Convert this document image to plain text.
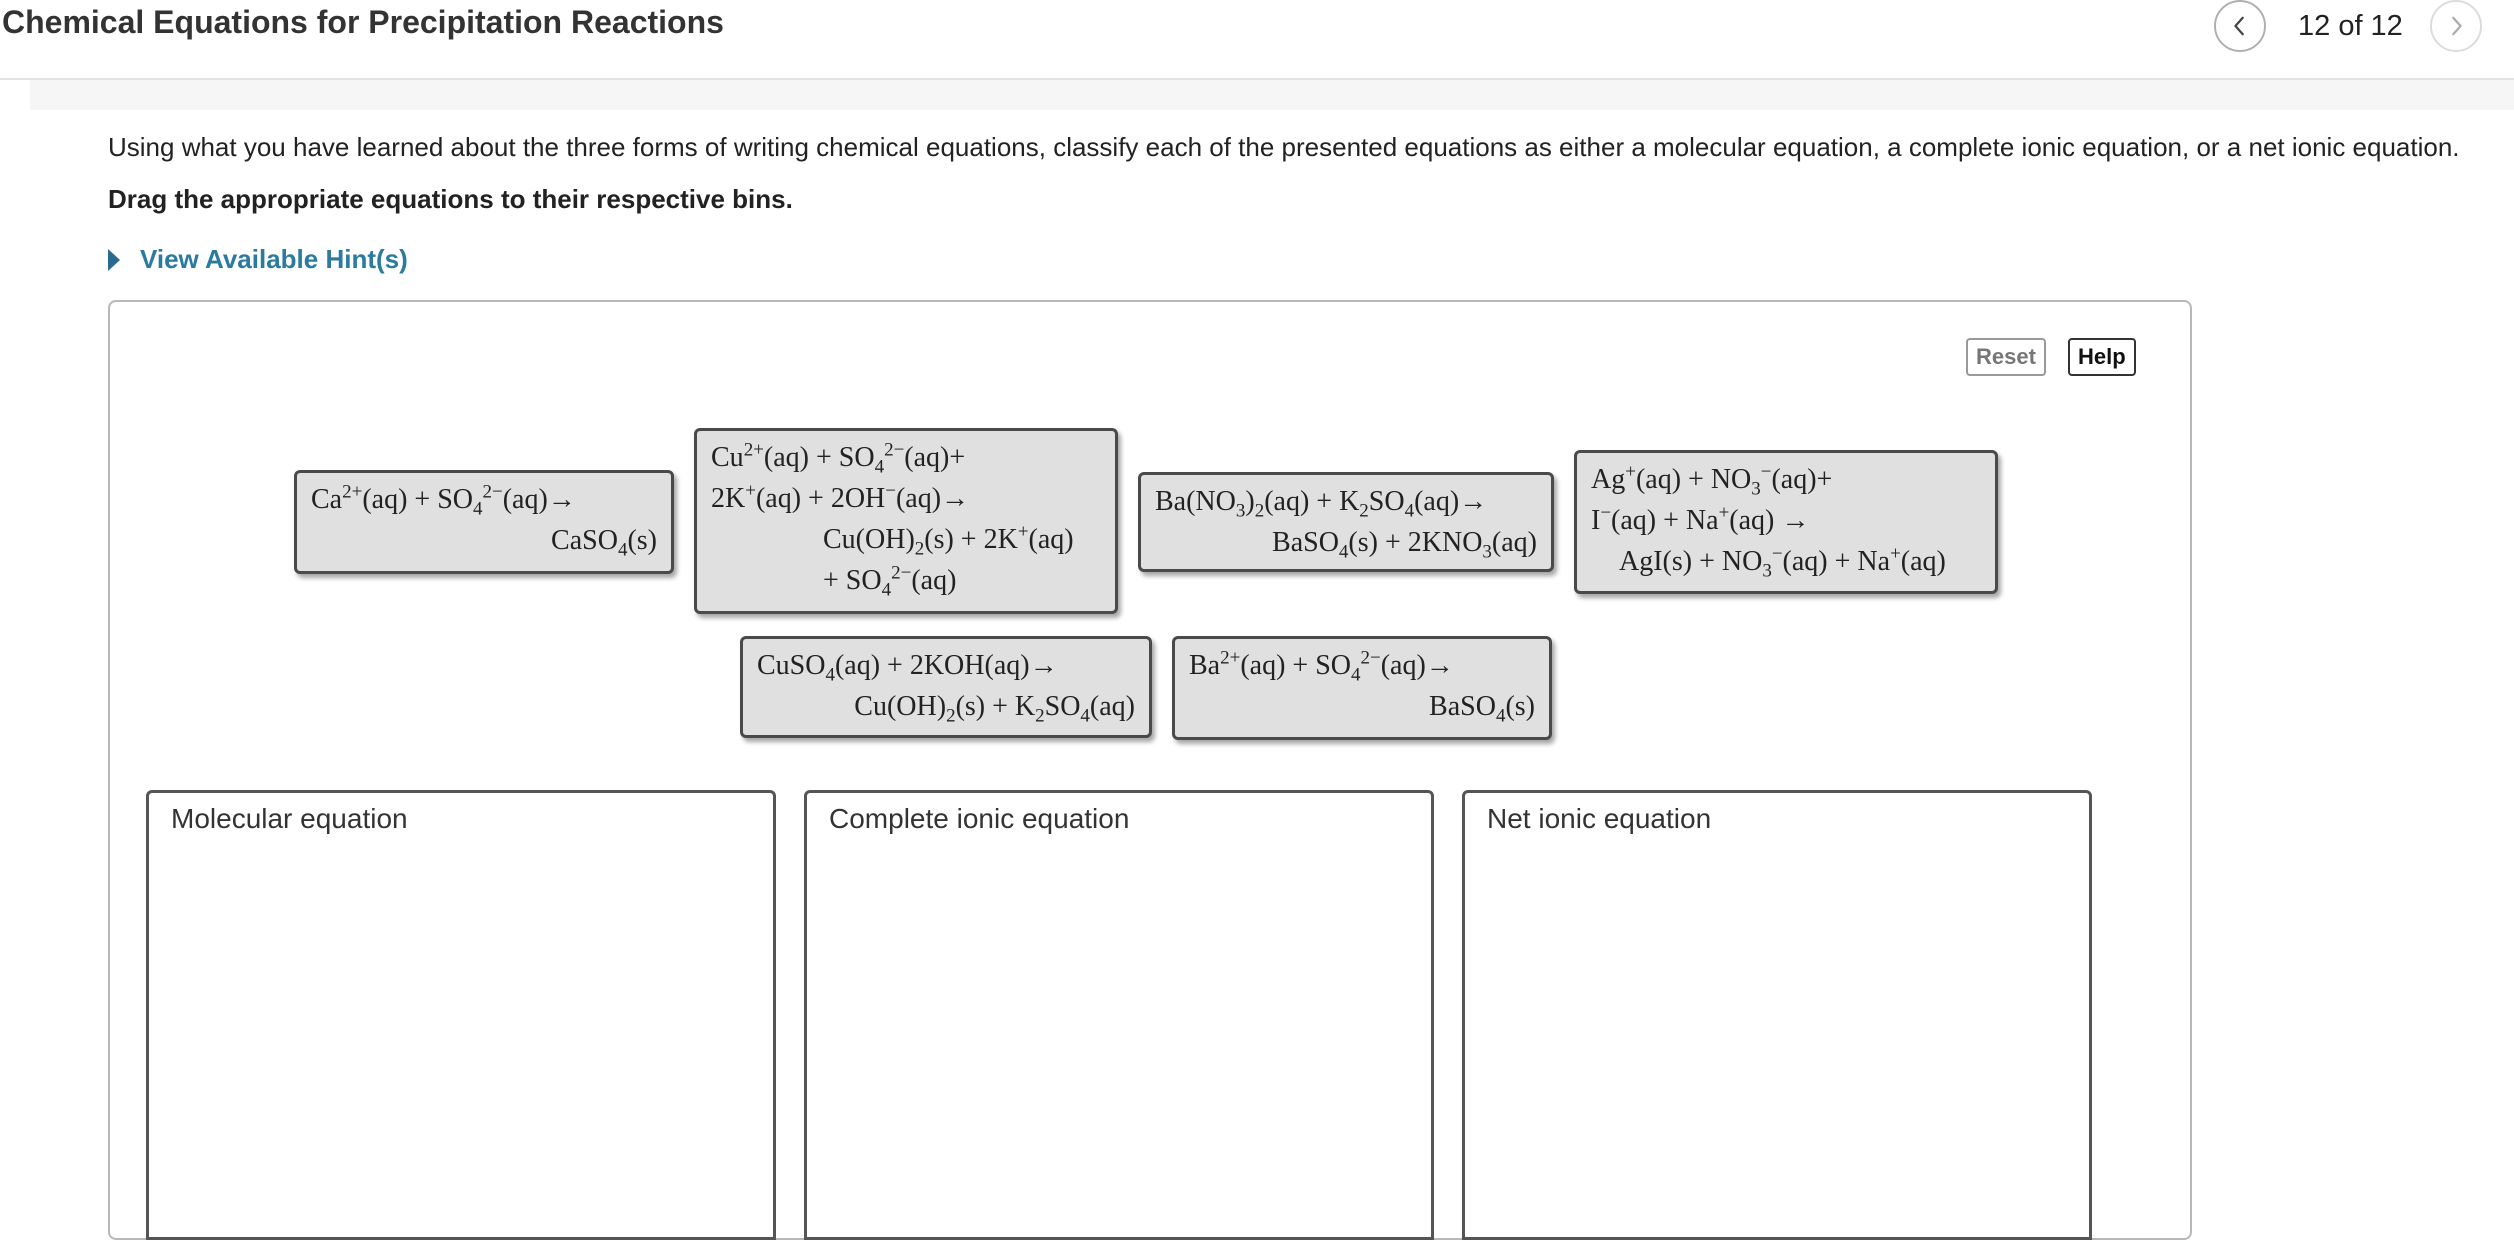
Chemical Equations for Precipitation Reactions	12 of 12
Using what you have learned about the three forms of writing chemical equations, classify each of the presented equations as either a molecular equation, a complete ionic equation, or a net ionic equation.
Drag the appropriate equations to their respective bins.
View Available Hint(s)
Reset	Help
$Ca^{2+}(aq) + SO_4^{2-}(aq)\to$
CaSO$_4$(s)
$Cu^{2+}(aq) + SO_4^{2-}(aq)+$
2K+(aq) + 2OH−(aq)→
$Cu(OH)_2(s) + 2K^+(aq)$
+ $SO_4^{2-}(aq)$
$Ba(NO_3)_2(aq) + K_2SO_4(aq)\to$
BaSO$_4$(s) + $2KNO_3(aq)$
$Ag^+(aq) + NO_3^-(aq)+$
I−(aq) + Na+(aq) →
$AgI(s) + NO_3^-(aq) + Na^+(aq)$
CuSO$_4$(aq) + 2KOH(aq)→
$Cu(OH)_2(s) + K_2SO_4(aq)$
$Ba^{2+}(aq) + SO_4^{2-}(aq)\to$
BaSO$_4$(s)
Molecular equation	Complete ionic equation	Net ionic equation
